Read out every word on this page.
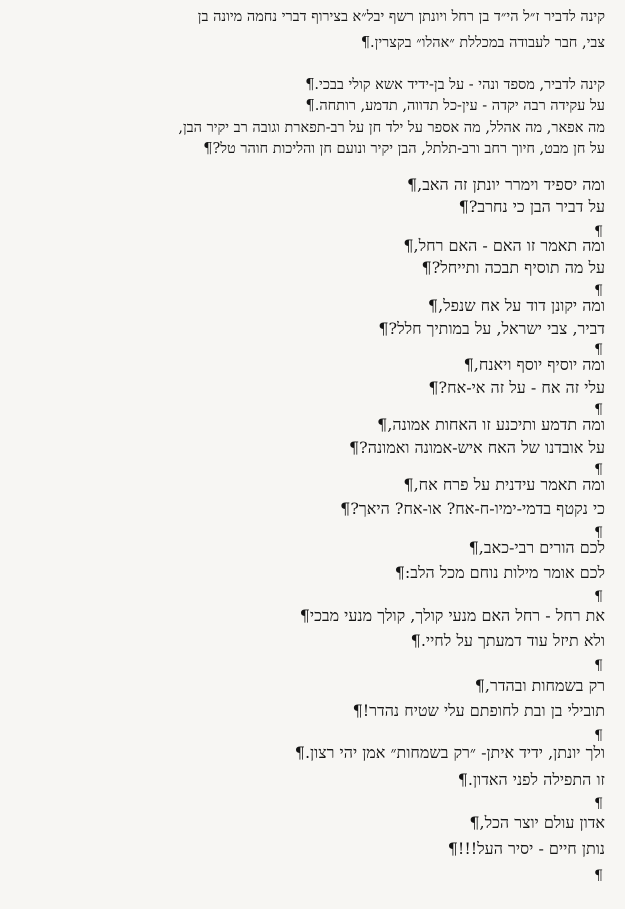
קינה לדביר ז״ל הי״ד בן רחל ויונתן רשף יבל״א בצירוף דברי נחמה מיונה בן
צבי, חבר לעבודה במכללת ״אהלו״ בקצרין.¶
קינה לדביר, מספד ונהי - על בן-ידיד אשא קולי בבכי.¶
על עקידה רבה יקדה - עין-כל תדווה, תדמע, רותחה.¶
מה אפאר, מה אהלל, מה אספר על ילד חן על רב-תפארת וגובה רב יקיר הבן,
על חן מבט, חיוך רחב ורב-תלתל, הבן יקיר ונועם חן והליכות חוהר טל?¶
ומה יספיד וימרר יונתן זה האב,¶
על דביר הבן כי נחרב?¶
¶
ומה תאמר זו האם - האם רחל,¶
על מה תוסיף תבכה ותייחל?¶
¶
ומה יקונן דוד על אח שנפל,¶
דביר, צבי ישראל, על במותיך חלל?¶
¶
ומה יוסיף יוסף ויאנח,¶
עלי זה אח - על זה אי-אח?¶
¶
ומה תדמע ותיכנע זו האחות אמונה,¶
על אובדנו של האח איש-אמונה ואמונה?¶
¶
ומה תאמר עידנית על פרח אח,¶
כי נקטף בדמי-ימיו-ח-אח? או-אח? היאך?¶
¶
לכם הורים רבי-כאב,¶
לכם אומר מילות נוחם מכל הלב:¶
¶
את רחל - רחל האם מנעי קולך, קולך מנעי מבכי¶
ולא תיזל עוד דמעתך על לחיי.¶
¶
רק בשמחות ובהדר,¶
תובילי בן ובת לחופתם עלי שטיח נהדר!¶
¶
ולך יונתן, ידיד איתן- ״רק בשמחות״ אמן יהי רצון.¶
זו התפילה לפני האדון.¶
¶
אדון עולם יוצר הכל,¶
נותן חיים - יסיר העל!!!¶
¶
